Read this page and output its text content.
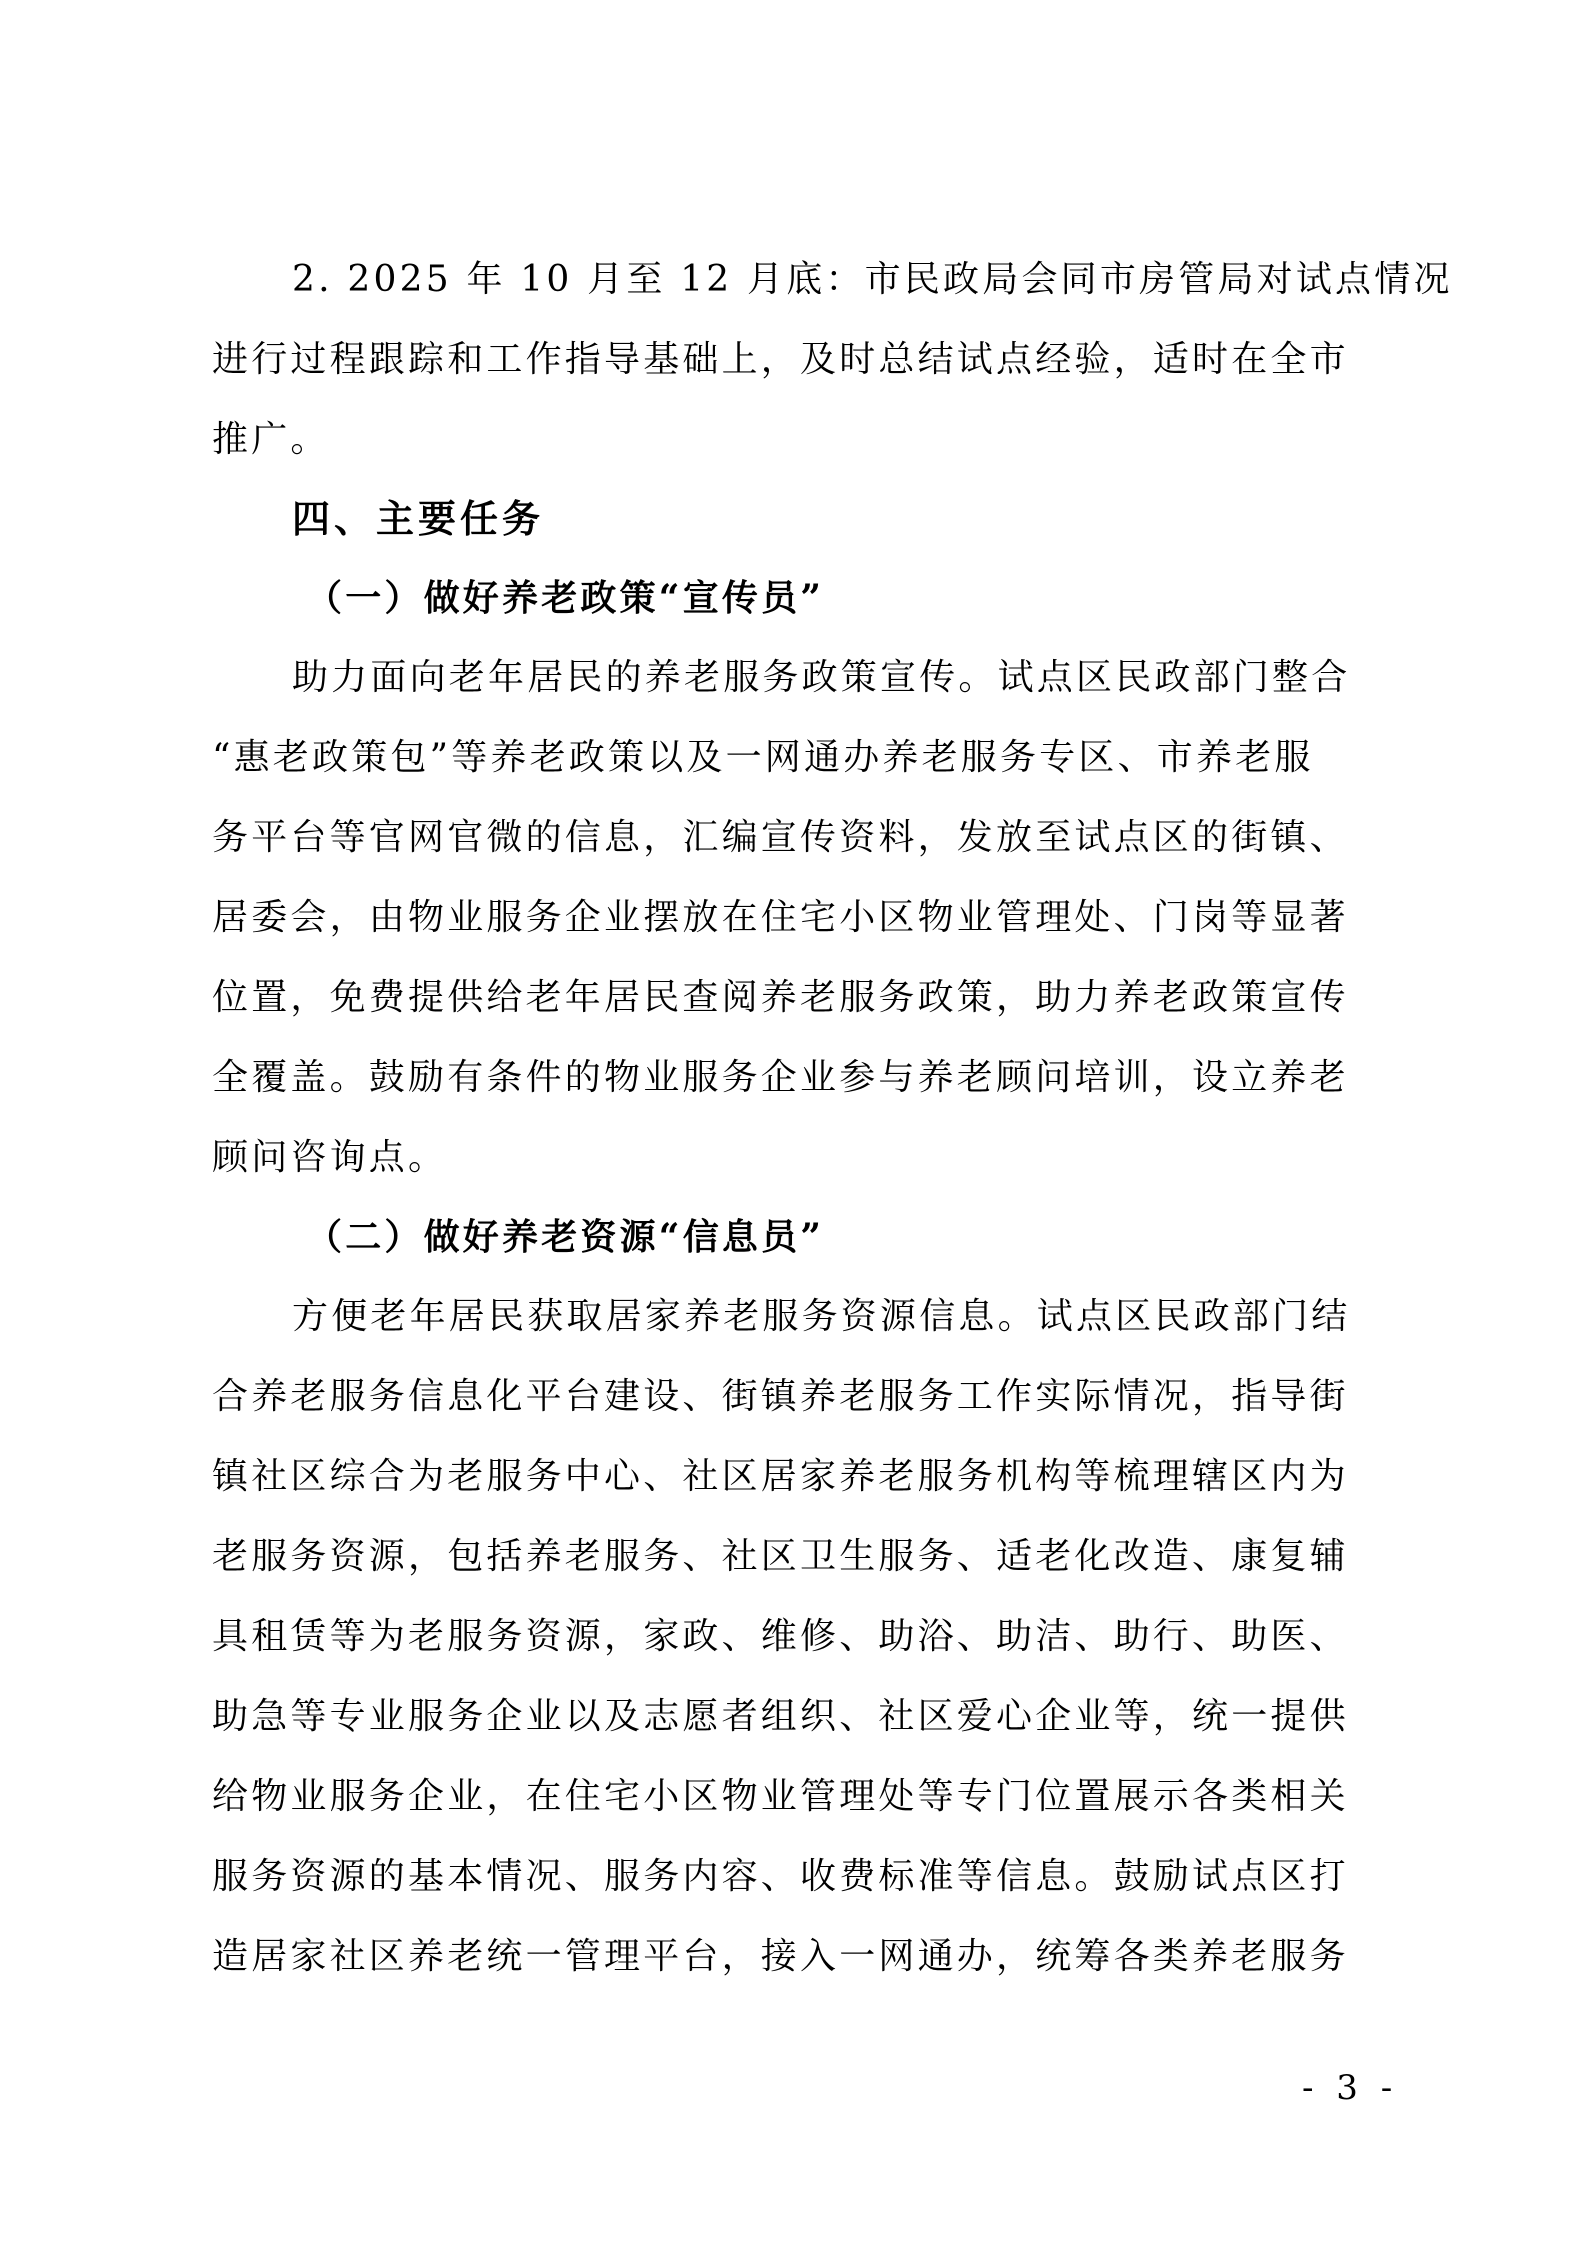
2. 2025 年 10 月至 12 月底：市民政局会同市房管局对试点情况
进行过程跟踪和工作指导基础上，及时总结试点经验，适时在全市
推广。
四、主要任务
（一）做好养老政策“宣传员”
助力面向老年居民的养老服务政策宣传。试点区民政部门整合
“惠老政策包”等养老政策以及一网通办养老服务专区、市养老服
务平台等官网官微的信息，汇编宣传资料，发放至试点区的街镇、
居委会，由物业服务企业摆放在住宅小区物业管理处、门岗等显著
位置，免费提供给老年居民查阅养老服务政策，助力养老政策宣传
全覆盖。鼓励有条件的物业服务企业参与养老顾问培训，设立养老
顾问咨询点。
（二）做好养老资源“信息员”
方便老年居民获取居家养老服务资源信息。试点区民政部门结
合养老服务信息化平台建设、街镇养老服务工作实际情况，指导街
镇社区综合为老服务中心、社区居家养老服务机构等梳理辖区内为
老服务资源，包括养老服务、社区卫生服务、适老化改造、康复辅
具租赁等为老服务资源，家政、维修、助浴、助洁、助行、助医、
助急等专业服务企业以及志愿者组织、社区爱心企业等，统一提供
给物业服务企业，在住宅小区物业管理处等专门位置展示各类相关
服务资源的基本情况、服务内容、收费标准等信息。鼓励试点区打
造居家社区养老统一管理平台，接入一网通办，统筹各类养老服务
- 3 -
